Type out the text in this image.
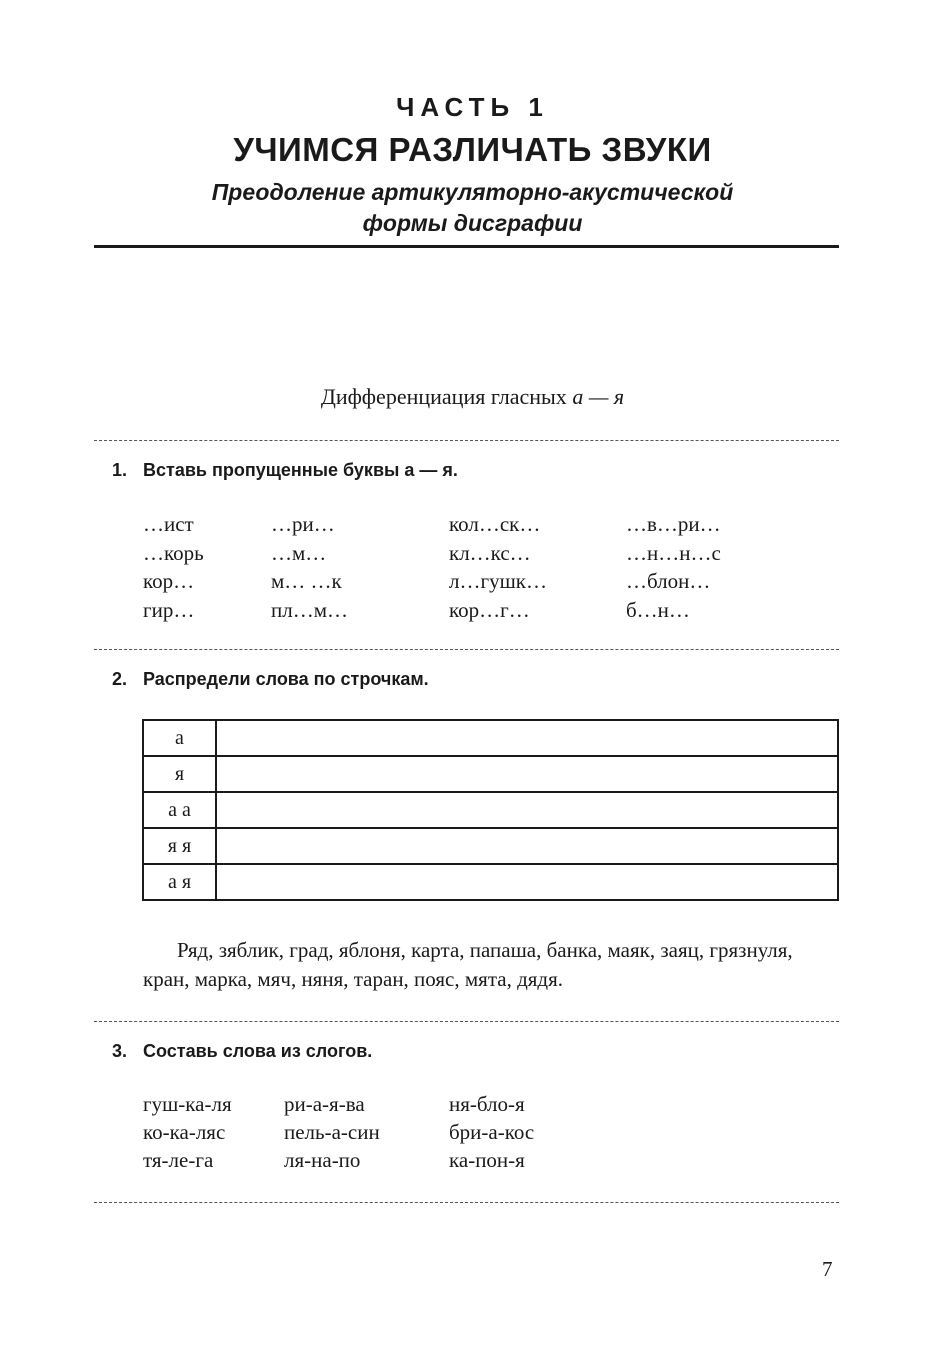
ЧАСТЬ 1
УЧИМСЯ РАЗЛИЧАТЬ ЗВУКИ
Преодоление артикуляторно-акустической
формы дисграфии
Дифференциация гласных а — я
1. Вставь пропущенные буквы а — я.
…ист	…ри…	кол…ск…	…в…ри…
…корь	…м…	кл…кс…	…н…н…с
кор…	м… …к	л…гушк…	…блон…
гир…	пл…м…	кор…г…	б…н…
2. Распредели слова по строчкам.
а	
я	
а а	
я я	
а я	
Ряд, зяблик, град, яблоня, карта, папаша, банка, маяк, заяц, грязнуля, кран, марка, мяч, няня, таран, пояс, мята, дядя.
3. Составь слова из слогов.
гуш-ка-ля	ри-а-я-ва	ня-бло-я
ко-ка-ляс	пель-а-син	бри-а-кос
тя-ле-га	ля-на-по	ка-пон-я
7
